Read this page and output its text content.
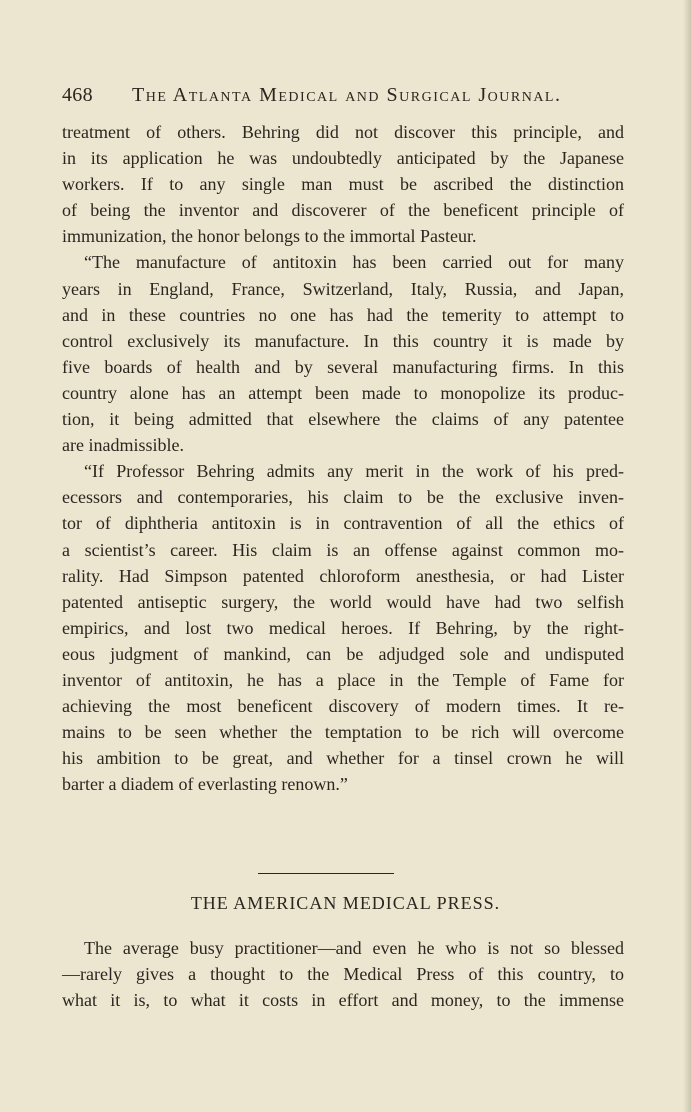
468 The Atlanta Medical and Surgical Journal.

treatment of others. Behring did not discover this principle, and
in its application he was undoubtedly anticipated by the Japanese
workers. If to any single man must be ascribed the distinction
of being the inventor and discoverer of the beneficent principle of
immunization, the honor belongs to the immortal Pasteur.

“The manufacture of antitoxin has been carried out for many
years in England, France, Switzerland, Italy, Russia, and Japan,
and in these countries no one has had the temerity to attempt to
control exclusively its manufacture. In this country it is made by
five boards of health and by several manufacturing firms. In this
country alone has an attempt been made to monopolize its produc-
tion, it being admitted that elsewhere the claims of any patentee
are inadmissible.

“If Professor Behring admits any merit in the work of his pred-
ecessors and contemporaries, his claim to be the exclusive inven-
tor of diphtheria antitoxin is in contravention of all the ethics of
a scientist’s career. His claim is an offense against common mo-
rality. Had Simpson patented chloroform anesthesia, or had Lister
patented antiseptic surgery, the world would have had two selfish
empirics, and lost two medical heroes. If Behring, by the right-
eous judgment of mankind, can be adjudged sole and undisputed
inventor of antitoxin, he has a place in the Temple of Fame for
achieving the most beneficent discovery of modern times. It re-
mains to be seen whether the temptation to be rich will overcome
his ambition to be great, and whether for a tinsel crown he will
barter a diadem of everlasting renown.”

THE AMERICAN MEDICAL PRESS.

The average busy practitioner—and even he who is not so blessed
—rarely gives a thought to the Medical Press of this country, to
what it is, to what it costs in effort and money, to the immense
